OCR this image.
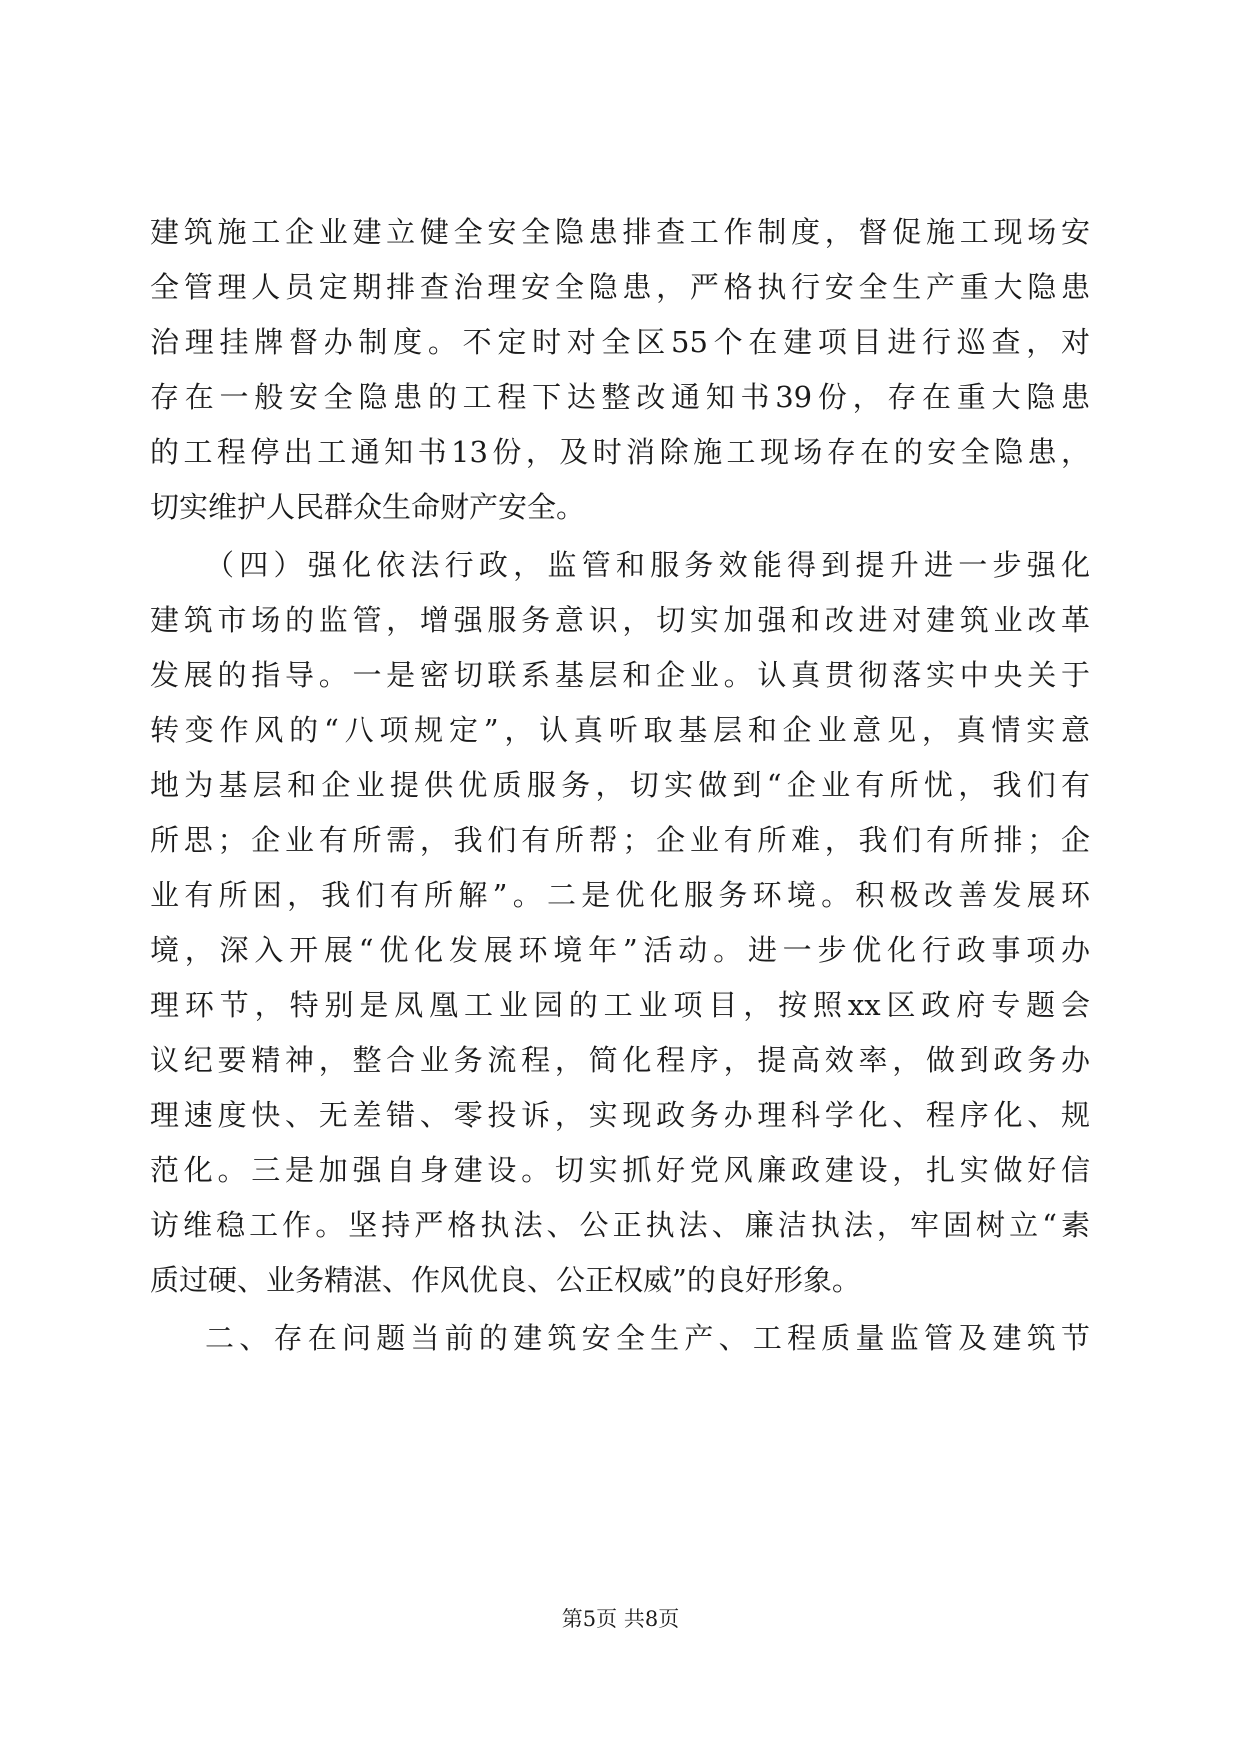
建筑施工企业建立健全安全隐患排查工作制度，督促施工现场安
全管理人员定期排查治理安全隐患，严格执行安全生产重大隐患
治理挂牌督办制度。不定时对全区55个在建项目进行巡查，对
存在一般安全隐患的工程下达整改通知书39份，存在重大隐患
的工程停出工通知书13份，及时消除施工现场存在的安全隐患，
切实维护人民群众生命财产安全。
（四）强化依法行政，监管和服务效能得到提升进一步强化
建筑市场的监管，增强服务意识，切实加强和改进对建筑业改革
发展的指导。一是密切联系基层和企业。认真贯彻落实中央关于
转变作风的“八项规定”，认真听取基层和企业意见，真情实意
地为基层和企业提供优质服务，切实做到“企业有所忧，我们有
所思；企业有所需，我们有所帮；企业有所难，我们有所排；企
业有所困，我们有所解”。二是优化服务环境。积极改善发展环
境，深入开展“优化发展环境年”活动。进一步优化行政事项办
理环节，特别是凤凰工业园的工业项目，按照xx区政府专题会
议纪要精神，整合业务流程，简化程序，提高效率，做到政务办
理速度快、无差错、零投诉，实现政务办理科学化、程序化、规
范化。三是加强自身建设。切实抓好党风廉政建设，扎实做好信
访维稳工作。坚持严格执法、公正执法、廉洁执法，牢固树立“素
质过硬、业务精湛、作风优良、公正权威”的良好形象。
二、存在问题当前的建筑安全生产、工程质量监管及建筑节
第5页 共8页
